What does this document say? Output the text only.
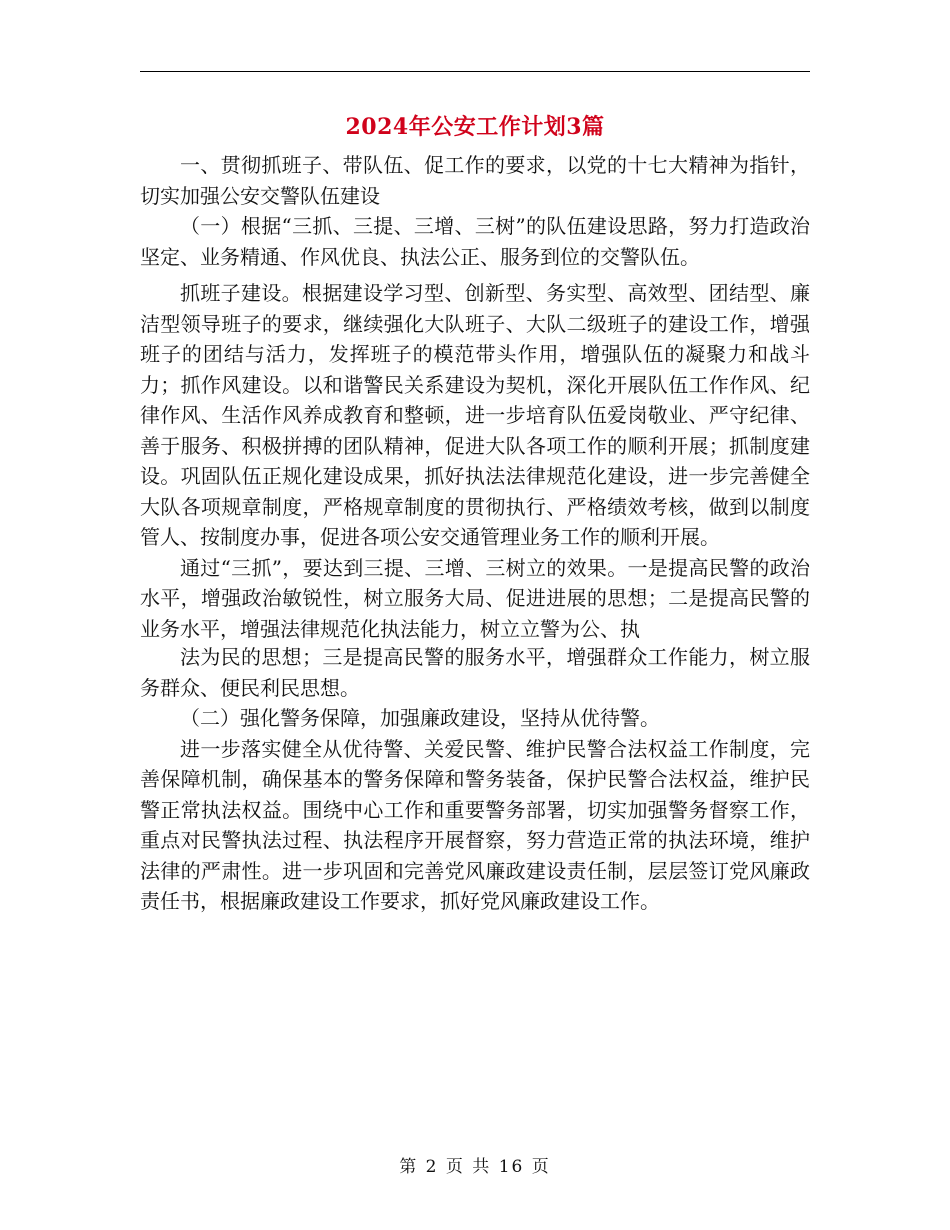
2024年公安工作计划3篇

一、贯彻抓班子、带队伍、促工作的要求，以党的十七大精神为指针，切实加强公安交警队伍建设

（一）根据“三抓、三提、三增、三树”的队伍建设思路，努力打造政治坚定、业务精通、作风优良、执法公正、服务到位的交警队伍。

抓班子建设。根据建设学习型、创新型、务实型、高效型、团结型、廉洁型领导班子的要求，继续强化大队班子、大队二级班子的建设工作，增强班子的团结与活力，发挥班子的模范带头作用，增强队伍的凝聚力和战斗力；抓作风建设。以和谐警民关系建设为契机，深化开展队伍工作作风、纪律作风、生活作风养成教育和整顿，进一步培育队伍爱岗敬业、严守纪律、善于服务、积极拼搏的团队精神，促进大队各项工作的顺利开展；抓制度建设。巩固队伍正规化建设成果，抓好执法法律规范化建设，进一步完善健全大队各项规章制度，严格规章制度的贯彻执行、严格绩效考核，做到以制度管人、按制度办事，促进各项公安交通管理业务工作的顺利开展。

通过“三抓”，要达到三提、三增、三树立的效果。一是提高民警的政治水平，增强政治敏锐性，树立服务大局、促进进展的思想；二是提高民警的业务水平，增强法律规范化执法能力，树立立警为公、执

法为民的思想；三是提高民警的服务水平，增强群众工作能力，树立服务群众、便民利民思想。

（二）强化警务保障，加强廉政建设，坚持从优待警。

进一步落实健全从优待警、关爱民警、维护民警合法权益工作制度，完善保障机制，确保基本的警务保障和警务装备，保护民警合法权益，维护民警正常执法权益。围绕中心工作和重要警务部署，切实加强警务督察工作，重点对民警执法过程、执法程序开展督察，努力营造正常的执法环境，维护法律的严肃性。进一步巩固和完善党风廉政建设责任制，层层签订党风廉政责任书，根据廉政建设工作要求，抓好党风廉政建设工作。

第 2 页 共 16 页
